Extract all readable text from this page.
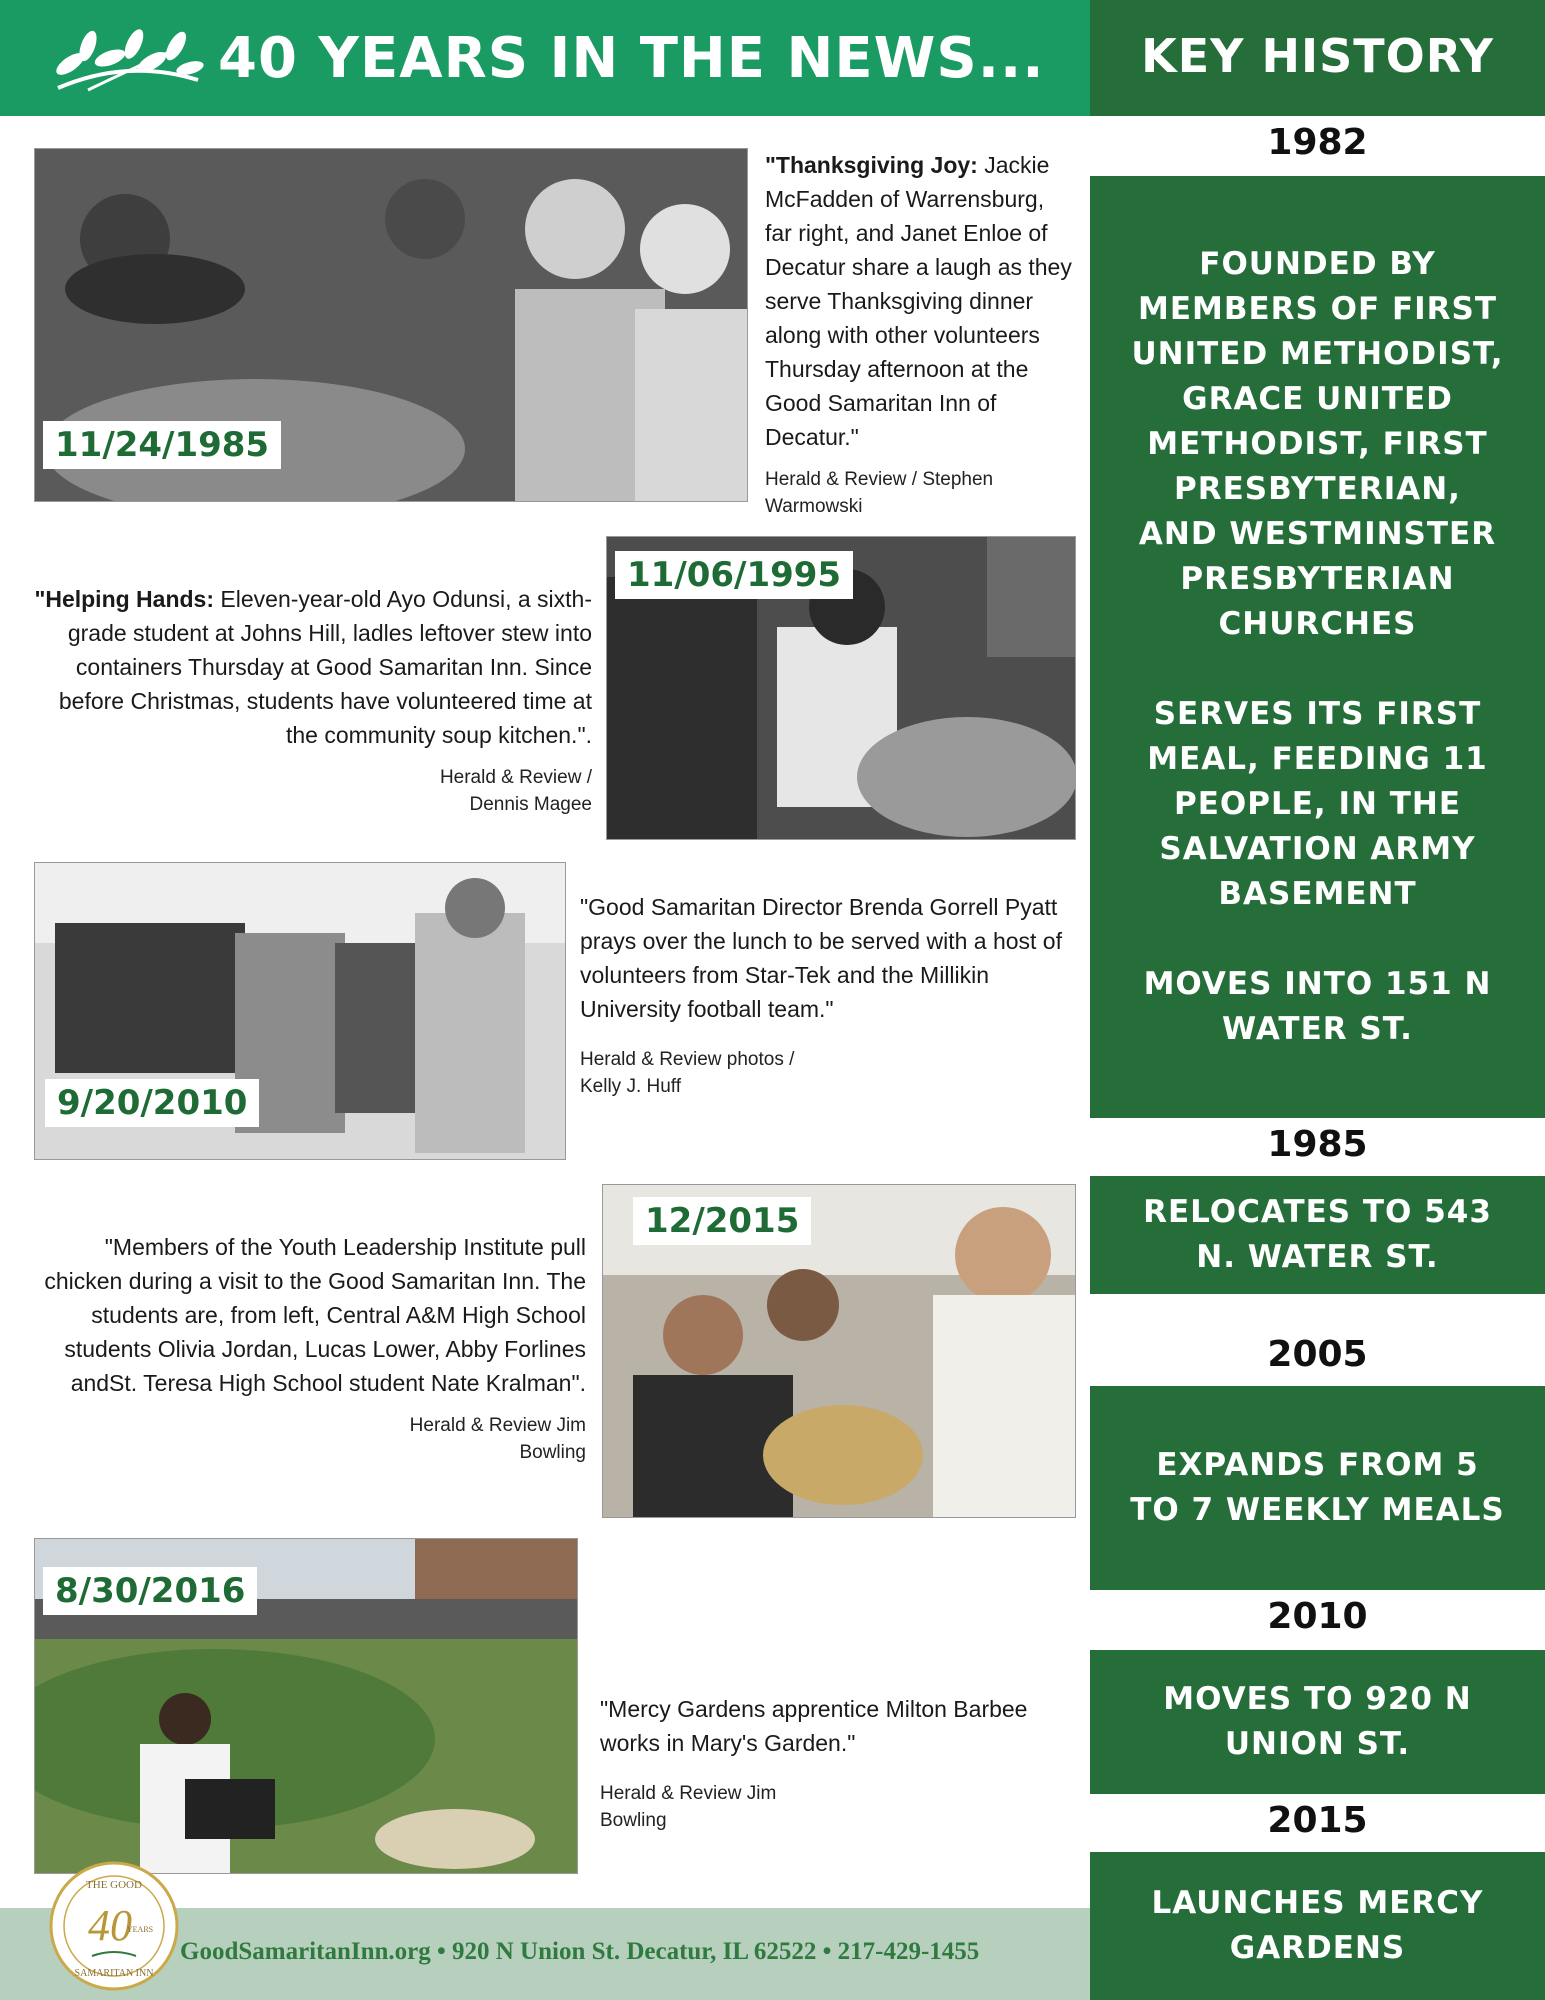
40 YEARS IN THE NEWS...	KEY HISTORY
1982

FOUNDED BY MEMBERS OF FIRST UNITED METHODIST, GRACE UNITED METHODIST, FIRST PRESBYTERIAN, AND WESTMINSTER PRESBYTERIAN CHURCHES

SERVES ITS FIRST MEAL, FEEDING 11 PEOPLE, IN THE SALVATION ARMY BASEMENT

MOVES INTO 151 N WATER ST.

1985

RELOCATES TO 543 N. WATER ST.

2005

EXPANDS FROM 5 TO 7 WEEKLY MEALS

2010

MOVES TO 920 N UNION ST.

2015

LAUNCHES MERCY GARDENS

11/24/1985
"Thanksgiving Joy: Jackie McFadden of Warrensburg, far right, and Janet Enloe of Decatur share a laugh as they serve Thanksgiving dinner along with other volunteers Thursday afternoon at the Good Samaritan Inn of Decatur."
Herald & Review / Stephen Warmowski
"Helping Hands: Eleven-year-old Ayo Odunsi, a sixth-grade student at Johns Hill, ladles leftover stew into containers Thursday at Good Samaritan Inn. Since before Christmas, students have volunteered time at the community soup kitchen.".
Herald & Review / Dennis Magee
11/06/1995
9/20/2010
"Good Samaritan Director Brenda Gorrell Pyatt prays over the lunch to be served with a host of volunteers from Star-Tek and the Millikin University football team."
Herald & Review photos / Kelly J. Huff
"Members of the Youth Leadership Institute pull chicken during a visit to the Good Samaritan Inn. The students are, from left, Central A&M High School students Olivia Jordan, Lucas Lower, Abby Forlines andSt. Teresa High School student Nate Kralman".
Herald & Review Jim Bowling
12/2015
8/30/2016
"Mercy Gardens apprentice Milton Barbee works in Mary's Garden."
Herald & Review Jim Bowling
GoodSamaritanInn.org • 920 N Union St. Decatur, IL 62522 • 217-429-1455
THE GOOD
40
YEARS
SAMARITAN INN
